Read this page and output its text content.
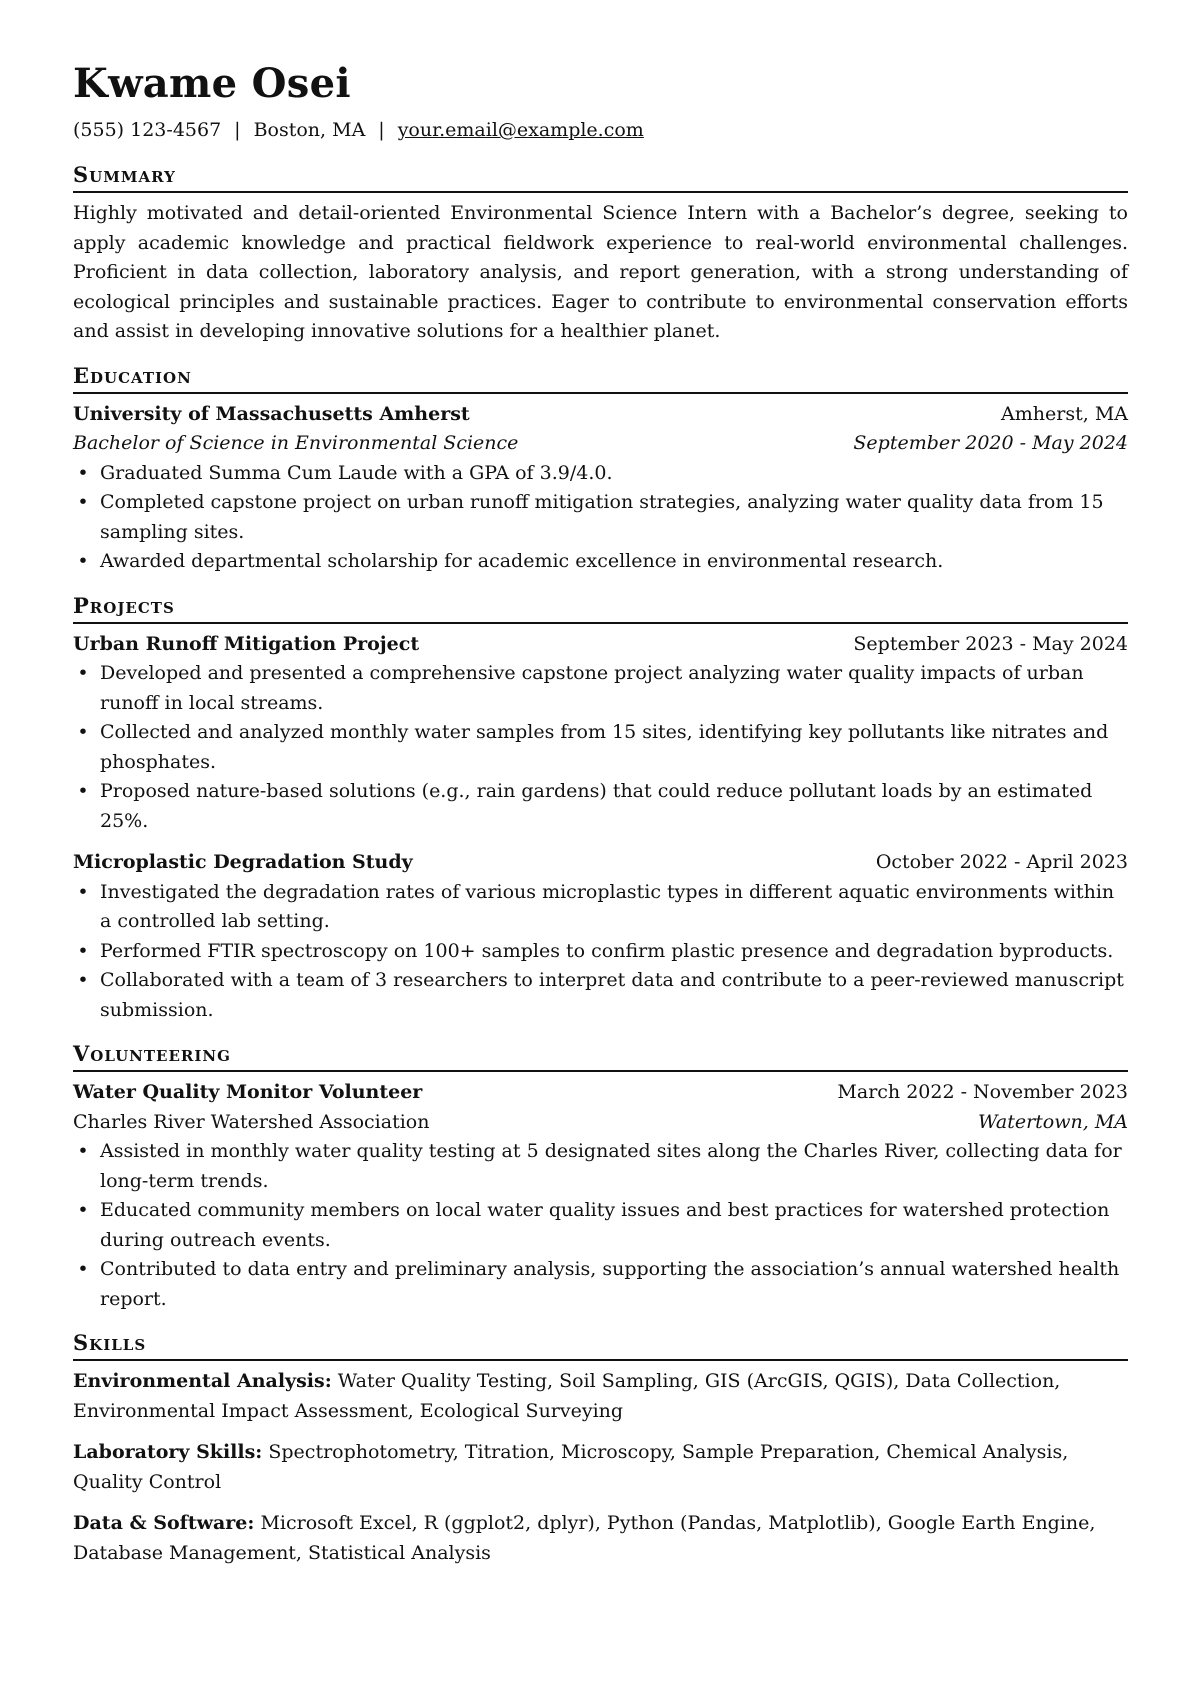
Kwame Osei
(555) 123-4567 | Boston, MA | your.email@example.com
Summary
Highly motivated and detail-oriented Environmental Science Intern with a Bachelor’s degree, seeking to apply academic knowledge and practical fieldwork experience to real-world environmental challenges. Proficient in data collection, laboratory analysis, and report generation, with a strong understanding of ecological principles and sustainable practices. Eager to contribute to environmental conservation efforts and assist in developing innovative solutions for a healthier planet.
Education
University of Massachusetts Amherst	Amherst, MA
Bachelor of Science in Environmental Science	September 2020 - May 2024
• Graduated Summa Cum Laude with a GPA of 3.9/4.0.
• Completed capstone project on urban runoff mitigation strategies, analyzing water quality data from 15 sampling sites.
• Awarded departmental scholarship for academic excellence in environmental research.
Projects
Urban Runoff Mitigation Project	September 2023 - May 2024
• Developed and presented a comprehensive capstone project analyzing water quality impacts of urban runoff in local streams.
• Collected and analyzed monthly water samples from 15 sites, identifying key pollutants like nitrates and phosphates.
• Proposed nature-based solutions (e.g., rain gardens) that could reduce pollutant loads by an estimated 25%.
Microplastic Degradation Study	October 2022 - April 2023
• Investigated the degradation rates of various microplastic types in different aquatic environments within a controlled lab setting.
• Performed FTIR spectroscopy on 100+ samples to confirm plastic presence and degradation byproducts.
• Collaborated with a team of 3 researchers to interpret data and contribute to a peer-reviewed manuscript submission.
Volunteering
Water Quality Monitor Volunteer	March 2022 - November 2023
Charles River Watershed Association	Watertown, MA
• Assisted in monthly water quality testing at 5 designated sites along the Charles River, collecting data for long-term trends.
• Educated community members on local water quality issues and best practices for watershed protection during outreach events.
• Contributed to data entry and preliminary analysis, supporting the association’s annual watershed health report.
Skills
Environmental Analysis: Water Quality Testing, Soil Sampling, GIS (ArcGIS, QGIS), Data Collection, Environmental Impact Assessment, Ecological Surveying
Laboratory Skills: Spectrophotometry, Titration, Microscopy, Sample Preparation, Chemical Analysis, Quality Control
Data & Software: Microsoft Excel, R (ggplot2, dplyr), Python (Pandas, Matplotlib), Google Earth Engine, Database Management, Statistical Analysis
